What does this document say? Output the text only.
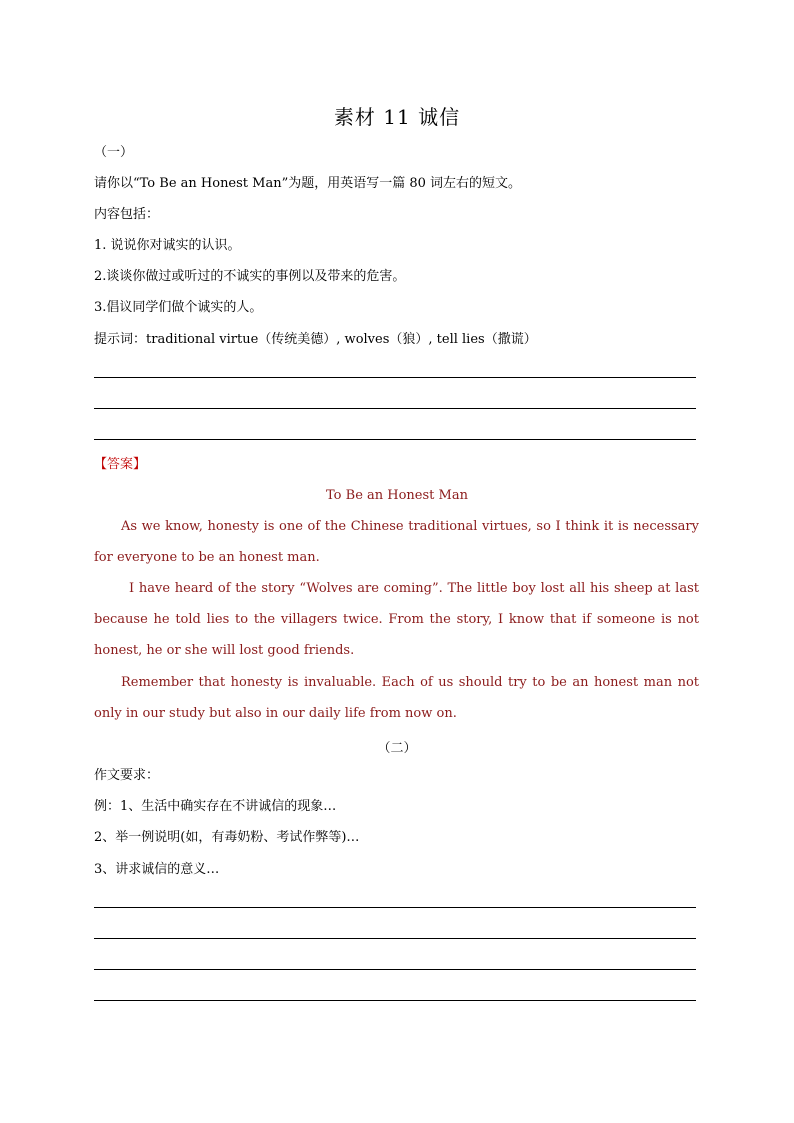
素材 11 诚信
（一）
请你以“To Be an Honest Man”为题，用英语写一篇 80 词左右的短文。
内容包括：
1. 说说你对诚实的认识。
2.谈谈你做过或听过的不诚实的事例以及带来的危害。
3.倡议同学们做个诚实的人。
提示词：traditional virtue（传统美德）, wolves（狼）, tell lies（撒谎）
【答案】
To Be an Honest Man
As we know, honesty is one of the Chinese traditional virtues, so I think it is necessary for everyone to be an honest man.
I have heard of the story “Wolves are coming”. The little boy lost all his sheep at last because he told lies to the villagers twice. From the story, I know that if someone is not honest, he or she will lost good friends.
Remember that honesty is invaluable. Each of us should try to be an honest man not only in our study but also in our daily life from now on.
（二）
作文要求：
例：1、生活中确实存在不讲诚信的现象…
2、举一例说明(如，有毒奶粉、考试作弊等)…
3、讲求诚信的意义…
